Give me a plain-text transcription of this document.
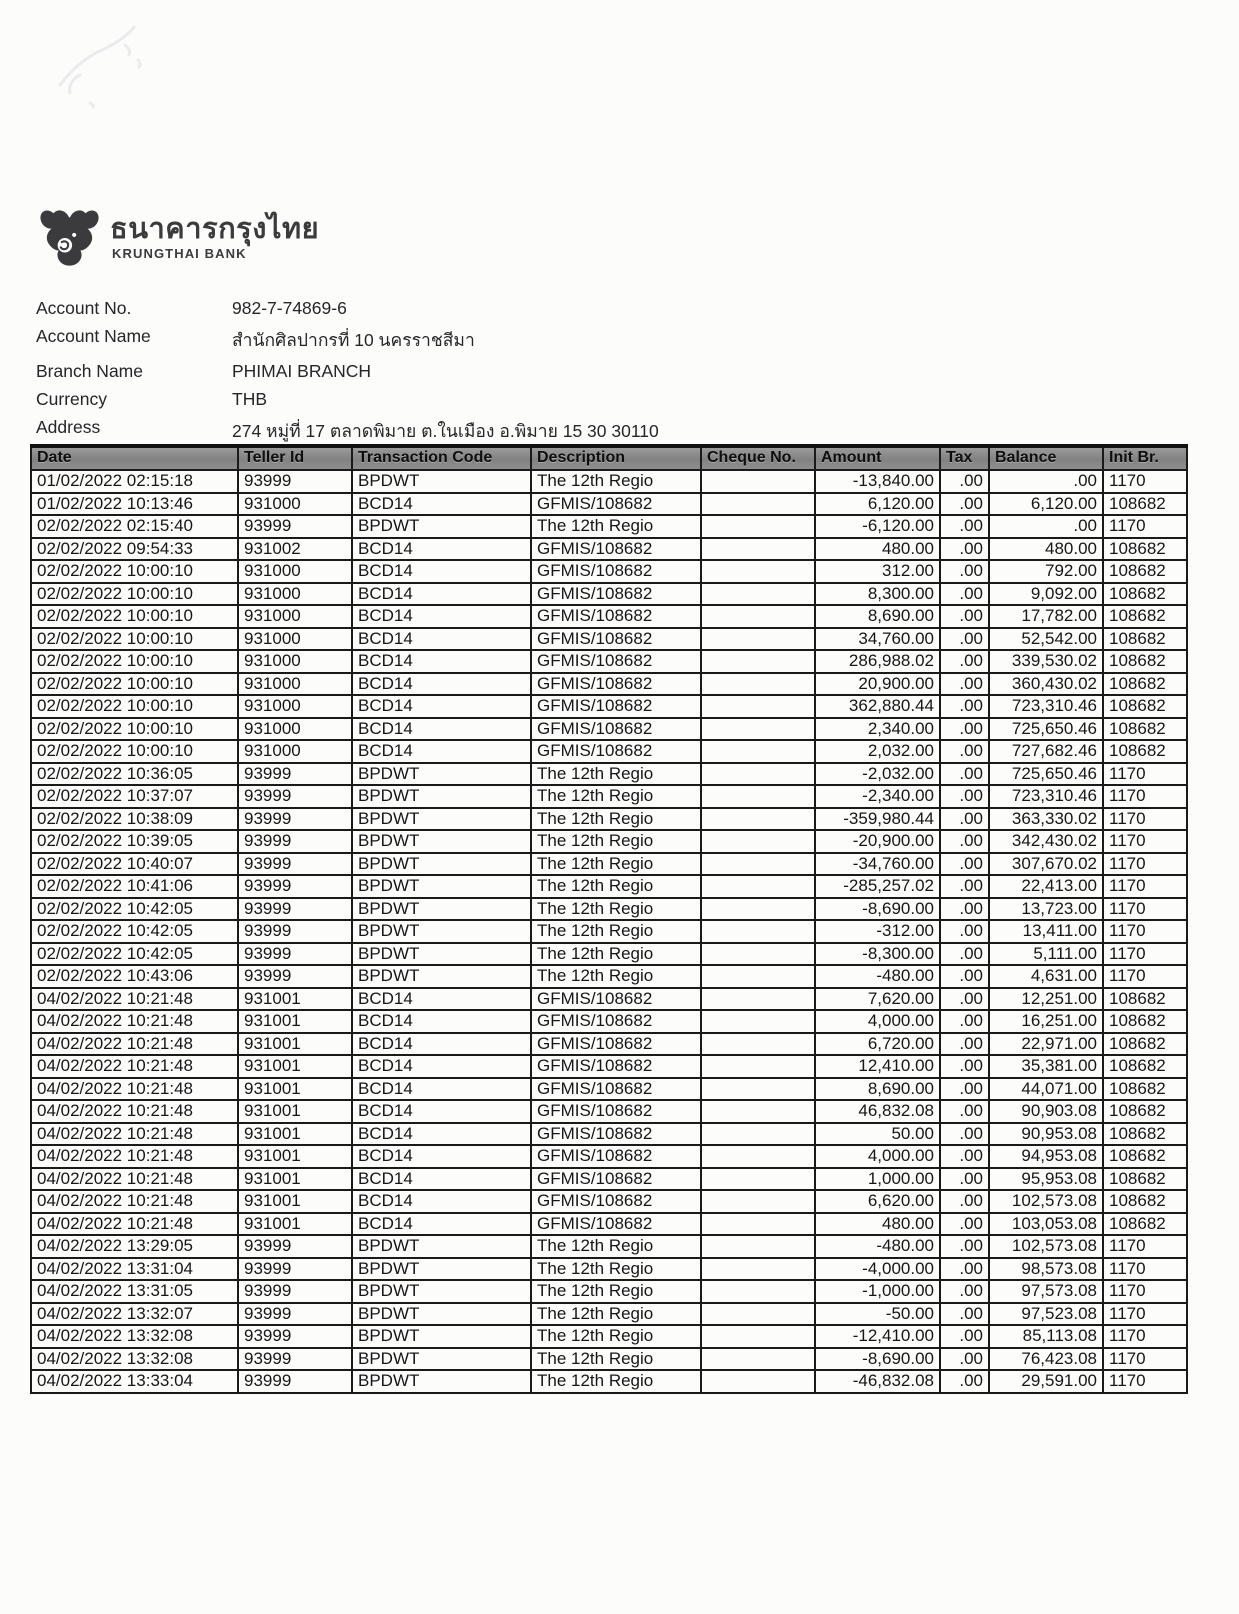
ธนาคารกรุงไทย
KRUNGTHAI BANK
Account No.	982-7-74869-6
Account Name	สำนักศิลปากรที่ 10 นครราชสีมา
Branch Name	PHIMAI BRANCH
Currency	THB
Address	274 หมู่ที่ 17 ตลาดพิมาย ต.ในเมือง อ.พิมาย 15 30 30110
Date	Teller Id	Transaction Code	Description	Cheque No.	Amount	Tax	Balance	Init Br.
01/02/2022 02:15:18	93999	BPDWT	The 12th Regio		-13,840.00	.00	.00	1170
01/02/2022 10:13:46	931000	BCD14	GFMIS/108682		6,120.00	.00	6,120.00	108682
02/02/2022 02:15:40	93999	BPDWT	The 12th Regio		-6,120.00	.00	.00	1170
02/02/2022 09:54:33	931002	BCD14	GFMIS/108682		480.00	.00	480.00	108682
02/02/2022 10:00:10	931000	BCD14	GFMIS/108682		312.00	.00	792.00	108682
02/02/2022 10:00:10	931000	BCD14	GFMIS/108682		8,300.00	.00	9,092.00	108682
02/02/2022 10:00:10	931000	BCD14	GFMIS/108682		8,690.00	.00	17,782.00	108682
02/02/2022 10:00:10	931000	BCD14	GFMIS/108682		34,760.00	.00	52,542.00	108682
02/02/2022 10:00:10	931000	BCD14	GFMIS/108682		286,988.02	.00	339,530.02	108682
02/02/2022 10:00:10	931000	BCD14	GFMIS/108682		20,900.00	.00	360,430.02	108682
02/02/2022 10:00:10	931000	BCD14	GFMIS/108682		362,880.44	.00	723,310.46	108682
02/02/2022 10:00:10	931000	BCD14	GFMIS/108682		2,340.00	.00	725,650.46	108682
02/02/2022 10:00:10	931000	BCD14	GFMIS/108682		2,032.00	.00	727,682.46	108682
02/02/2022 10:36:05	93999	BPDWT	The 12th Regio		-2,032.00	.00	725,650.46	1170
02/02/2022 10:37:07	93999	BPDWT	The 12th Regio		-2,340.00	.00	723,310.46	1170
02/02/2022 10:38:09	93999	BPDWT	The 12th Regio		-359,980.44	.00	363,330.02	1170
02/02/2022 10:39:05	93999	BPDWT	The 12th Regio		-20,900.00	.00	342,430.02	1170
02/02/2022 10:40:07	93999	BPDWT	The 12th Regio		-34,760.00	.00	307,670.02	1170
02/02/2022 10:41:06	93999	BPDWT	The 12th Regio		-285,257.02	.00	22,413.00	1170
02/02/2022 10:42:05	93999	BPDWT	The 12th Regio		-8,690.00	.00	13,723.00	1170
02/02/2022 10:42:05	93999	BPDWT	The 12th Regio		-312.00	.00	13,411.00	1170
02/02/2022 10:42:05	93999	BPDWT	The 12th Regio		-8,300.00	.00	5,111.00	1170
02/02/2022 10:43:06	93999	BPDWT	The 12th Regio		-480.00	.00	4,631.00	1170
04/02/2022 10:21:48	931001	BCD14	GFMIS/108682		7,620.00	.00	12,251.00	108682
04/02/2022 10:21:48	931001	BCD14	GFMIS/108682		4,000.00	.00	16,251.00	108682
04/02/2022 10:21:48	931001	BCD14	GFMIS/108682		6,720.00	.00	22,971.00	108682
04/02/2022 10:21:48	931001	BCD14	GFMIS/108682		12,410.00	.00	35,381.00	108682
04/02/2022 10:21:48	931001	BCD14	GFMIS/108682		8,690.00	.00	44,071.00	108682
04/02/2022 10:21:48	931001	BCD14	GFMIS/108682		46,832.08	.00	90,903.08	108682
04/02/2022 10:21:48	931001	BCD14	GFMIS/108682		50.00	.00	90,953.08	108682
04/02/2022 10:21:48	931001	BCD14	GFMIS/108682		4,000.00	.00	94,953.08	108682
04/02/2022 10:21:48	931001	BCD14	GFMIS/108682		1,000.00	.00	95,953.08	108682
04/02/2022 10:21:48	931001	BCD14	GFMIS/108682		6,620.00	.00	102,573.08	108682
04/02/2022 10:21:48	931001	BCD14	GFMIS/108682		480.00	.00	103,053.08	108682
04/02/2022 13:29:05	93999	BPDWT	The 12th Regio		-480.00	.00	102,573.08	1170
04/02/2022 13:31:04	93999	BPDWT	The 12th Regio		-4,000.00	.00	98,573.08	1170
04/02/2022 13:31:05	93999	BPDWT	The 12th Regio		-1,000.00	.00	97,573.08	1170
04/02/2022 13:32:07	93999	BPDWT	The 12th Regio		-50.00	.00	97,523.08	1170
04/02/2022 13:32:08	93999	BPDWT	The 12th Regio		-12,410.00	.00	85,113.08	1170
04/02/2022 13:32:08	93999	BPDWT	The 12th Regio		-8,690.00	.00	76,423.08	1170
04/02/2022 13:33:04	93999	BPDWT	The 12th Regio		-46,832.08	.00	29,591.00	1170
